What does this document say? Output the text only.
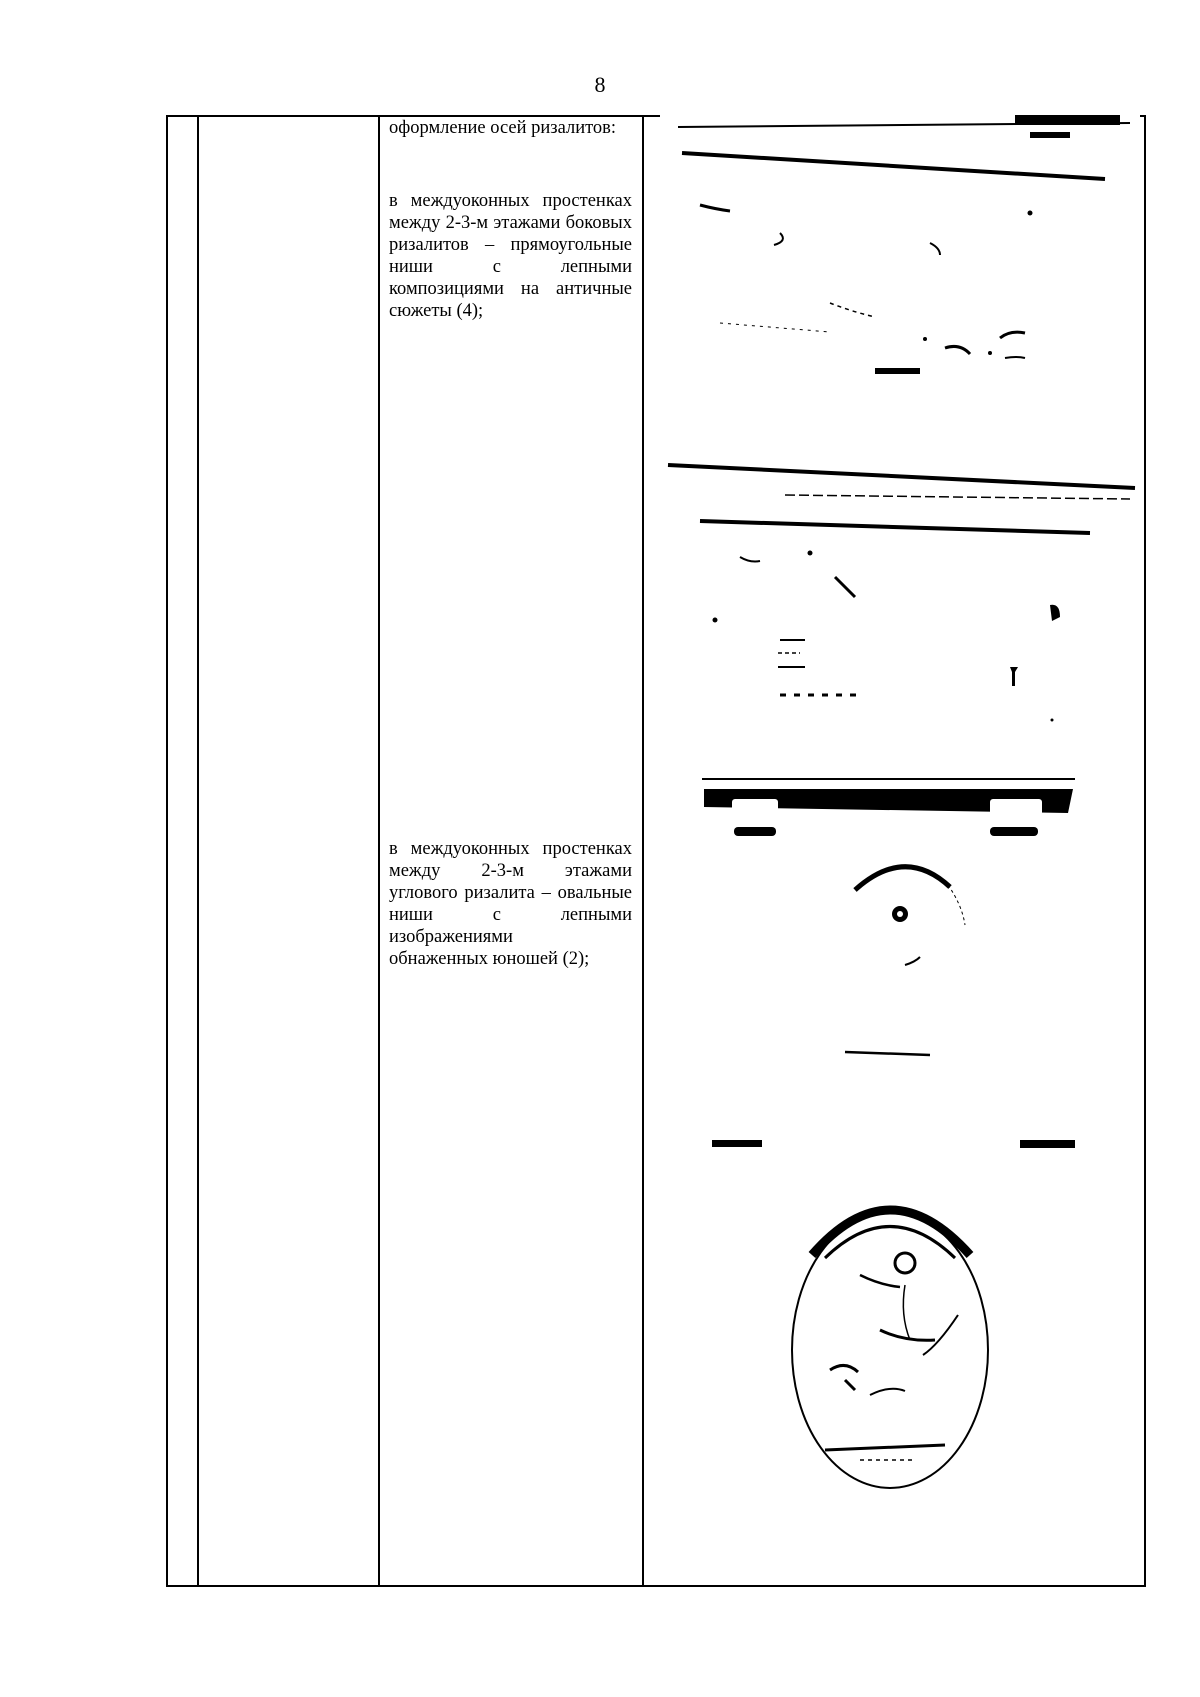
8

оформление осей ризалитов:

в междуоконных простенках между 2-3-м этажами боковых ризалитов – прямоугольные ниши с лепными композициями на античные сюжеты (4);

в междуоконных простенках между 2-3-м этажами углового ризалита – овальные ниши с лепными изображениями

обнаженных юношей (2);
